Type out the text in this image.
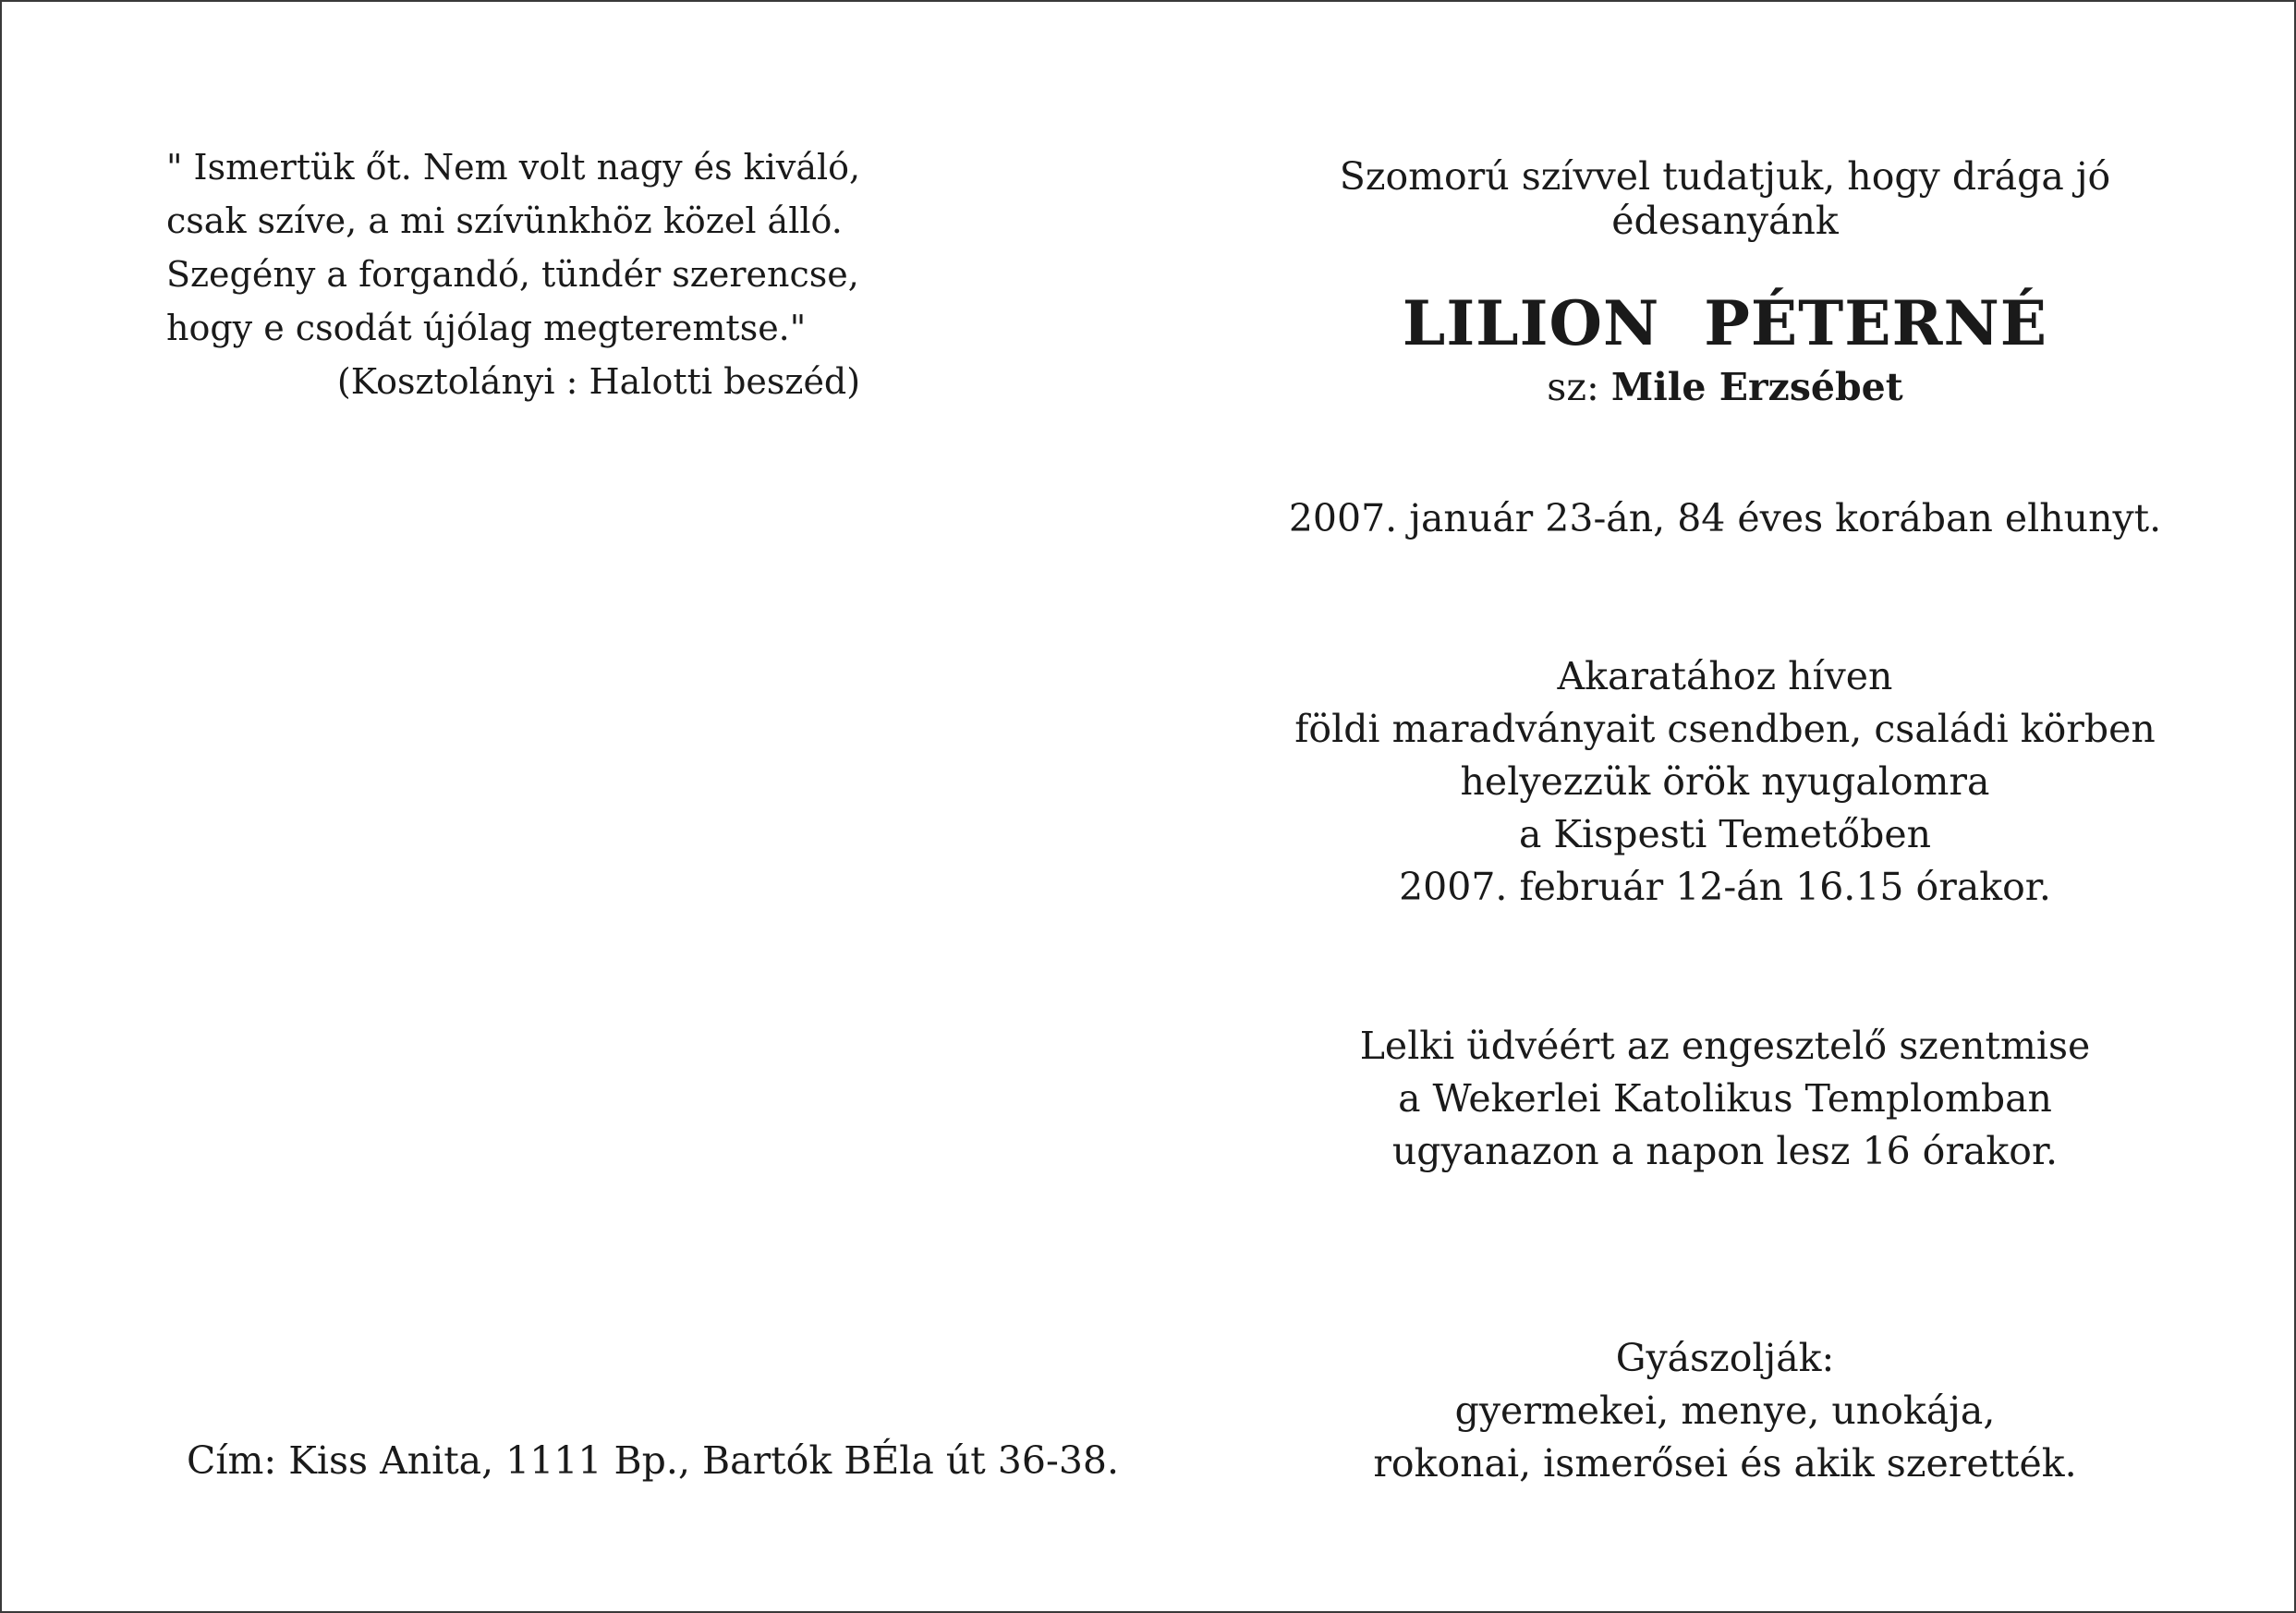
" Ismertük őt. Nem volt nagy és kiváló,
csak szíve, a mi szívünkhöz közel álló.
Szegény a forgandó, tündér szerencse,
hogy e csodát újólag megteremtse."
(Kosztolányi : Halotti beszéd)
Cím: Kiss Anita, 1111 Bp., Bartók BÉla út 36-38.
Szomorú szívvel tudatjuk, hogy drága jó édesanyánk
LILION  PÉTERNÉ
sz: Mile Erzsébet
2007. január 23-án, 84 éves korában elhunyt.
Akaratához híven
földi maradványait csendben, családi körben
helyezzük örök nyugalomra
a Kispesti Temetőben
2007. február 12-án 16.15 órakor.
Lelki üdvéért az engesztelő szentmise
a Wekerlei Katolikus Templomban
ugyanazon a napon lesz 16 órakor.
Gyászolják:
gyermekei, menye, unokája,
rokonai, ismerősei és akik szerették.
